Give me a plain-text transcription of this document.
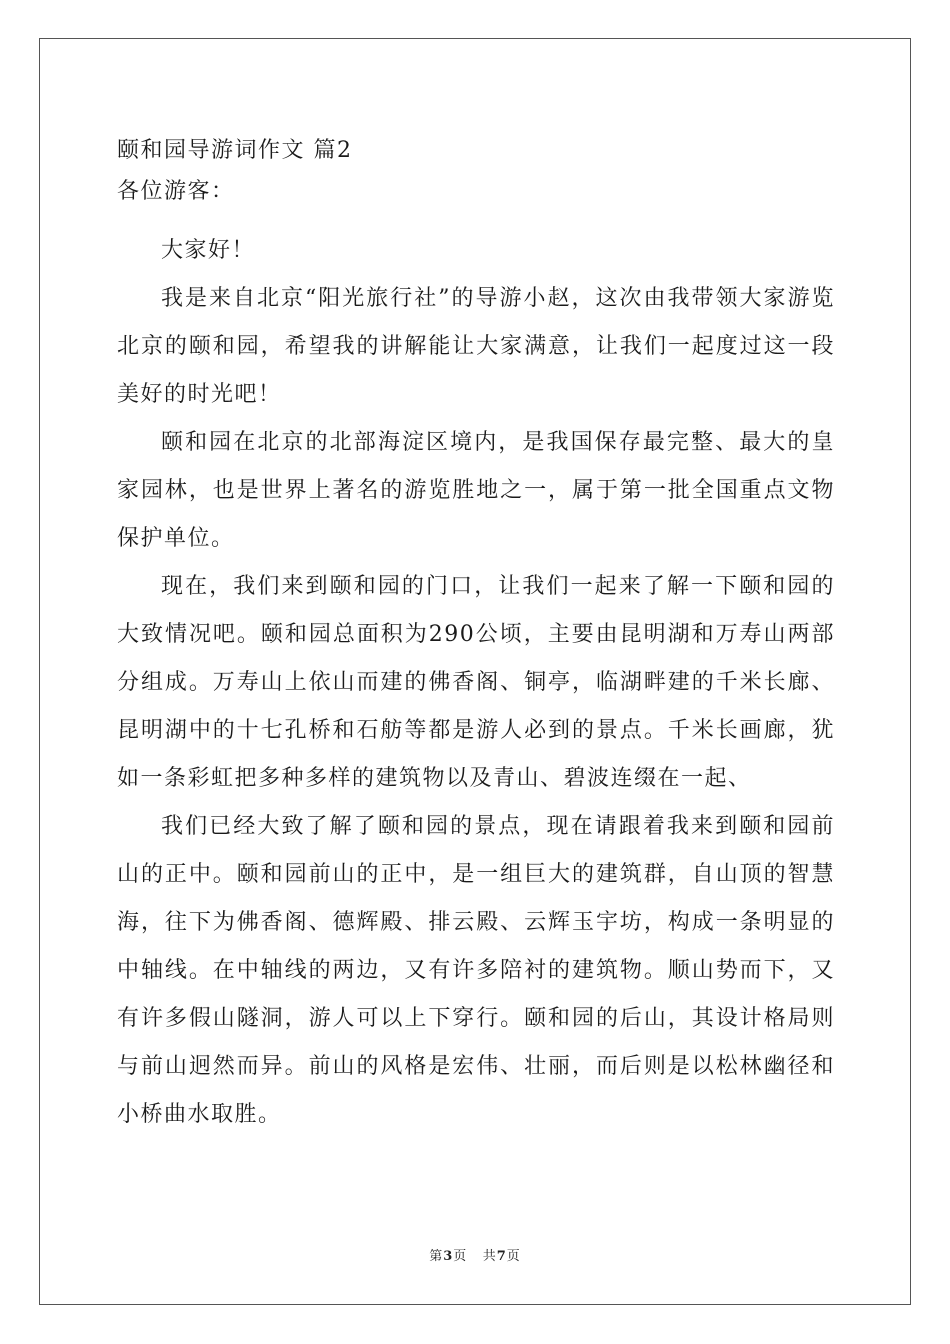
颐和园导游词作文 篇2

各位游客：

大家好！

我是来自北京“阳光旅行社”的导游小赵，这次由我带领大家游览北京的颐和园，希望我的讲解能让大家满意，让我们一起度过这一段美好的时光吧！

颐和园在北京的北部海淀区境内，是我国保存最完整、最大的皇家园林，也是世界上著名的游览胜地之一，属于第一批全国重点文物保护单位。

现在，我们来到颐和园的门口，让我们一起来了解一下颐和园的大致情况吧。颐和园总面积为290公顷，主要由昆明湖和万寿山两部分组成。万寿山上依山而建的佛香阁、铜亭，临湖畔建的千米长廊、昆明湖中的十七孔桥和石舫等都是游人必到的景点。千米长画廊，犹如一条彩虹把多种多样的建筑物以及青山、碧波连缀在一起、

我们已经大致了解了颐和园的景点，现在请跟着我来到颐和园前山的正中。颐和园前山的正中，是一组巨大的建筑群，自山顶的智慧海，往下为佛香阁、德辉殿、排云殿、云辉玉宇坊，构成一条明显的中轴线。在中轴线的两边，又有许多陪衬的建筑物。顺山势而下，又有许多假山隧洞，游人可以上下穿行。颐和园的后山，其设计格局则与前山迥然而异。前山的风格是宏伟、壮丽，而后则是以松林幽径和小桥曲水取胜。

第3页 共7页
